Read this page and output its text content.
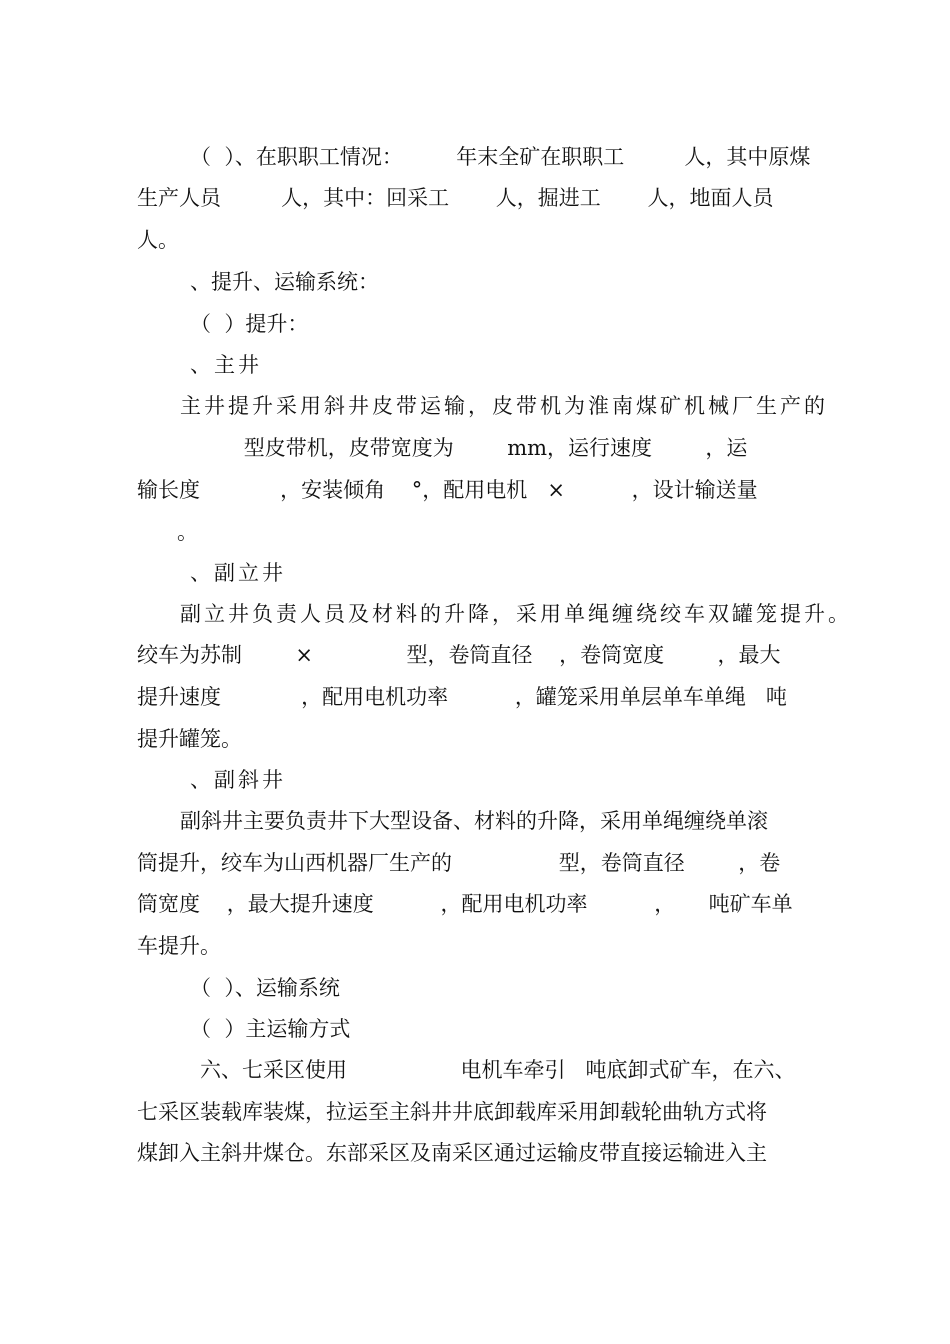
（  ）、在职职工情况：        年末全矿在职职工         人，其中原煤
生产人员         人，其中：回采工       人，掘进工       人，地面人员
人。
、提升、运输系统：
（  ）提升：
、主井
主井提升采用斜井皮带运输，皮带机为淮南煤矿机械厂生产的
型皮带机，皮带宽度为        mm，运行速度        ，运
输长度            ，安装倾角    °，配用电机   ×          ，设计输送量
。
、副立井
副立井负责人员及材料的升降，采用单绳缠绕绞车双罐笼提升。
绞车为苏制        ×              型，卷筒直径    ，卷筒宽度        ，最大
提升速度            ，配用电机功率          ，罐笼采用单层单车单绳   吨
提升罐笼。
、副斜井
副斜井主要负责井下大型设备、材料的升降，采用单绳缠绕单滚
筒提升，绞车为山西机器厂生产的                型，卷筒直径        ，卷
筒宽度    ，最大提升速度          ，配用电机功率          ，     吨矿车单
车提升。
（  ）、运输系统
（  ）主运输方式
六、七采区使用                 电机车牵引   吨底卸式矿车，在六、
七采区装载库装煤，拉运至主斜井井底卸载库采用卸载轮曲轨方式将
煤卸入主斜井煤仓。东部采区及南采区通过运输皮带直接运输进入主
